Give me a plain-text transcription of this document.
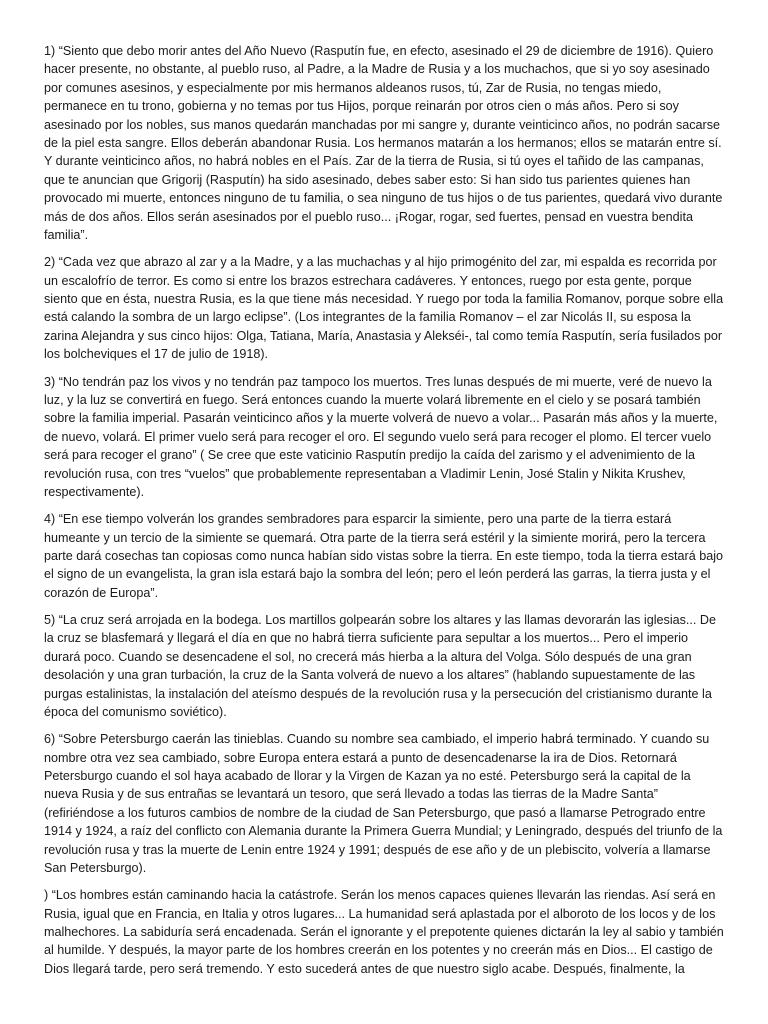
1) “Siento que debo morir antes del Año Nuevo (Rasputín fue, en efecto, asesinado el 29 de diciembre de 1916). Quiero hacer presente, no obstante, al pueblo ruso, al Padre, a la Madre de Rusia y a los muchachos, que si yo soy asesinado por comunes asesinos, y especialmente por mis hermanos aldeanos rusos, tú, Zar de Rusia, no tengas miedo, permanece en tu trono, gobierna y no temas por tus Hijos, porque reinarán por otros cien o más años. Pero si soy asesinado por los nobles, sus manos quedarán manchadas por mi sangre y, durante veinticinco años, no podrán sacarse de la piel esta sangre. Ellos deberán abandonar Rusia. Los hermanos matarán a los hermanos; ellos se matarán entre sí. Y durante veinticinco años, no habrá nobles en el País. Zar de la tierra de Rusia, si tú oyes el tañido de las campanas, que te anuncian que Grigorij (Rasputín) ha sido asesinado, debes saber esto: Si han sido tus parientes quienes han provocado mi muerte, entonces ninguno de tu familia, o sea ninguno de tus hijos o de tus parientes, quedará vivo durante más de dos años. Ellos serán asesinados por el pueblo ruso... ¡Rogar, rogar, sed fuertes, pensad en vuestra bendita familia”.

2) “Cada vez que abrazo al zar y a la Madre, y a las muchachas y al hijo primogénito del zar, mi espalda es recorrida por un escalofrío de terror. Es como si entre los brazos estrechara cadáveres. Y entonces, ruego por esta gente, porque siento que en ésta, nuestra Rusia, es la que tiene más necesidad. Y ruego por toda la familia Romanov, porque sobre ella está calando la sombra de un largo eclipse”. (Los integrantes de la familia Romanov – el zar Nicolás II, su esposa la zarina Alejandra y sus cinco hijos: Olga, Tatiana, María, Anastasia y Alekséi-, tal como temía Rasputín, sería fusilados por los bolcheviques el 17 de julio de 1918).

3) “No tendrán paz los vivos y no tendrán paz tampoco los muertos. Tres lunas después de mi muerte, veré de nuevo la luz, y la luz se convertirá en fuego. Será entonces cuando la muerte volará libremente en el cielo y se posará también sobre la familia imperial. Pasarán veinticinco años y la muerte volverá de nuevo a volar... Pasarán más años y la muerte, de nuevo, volará. El primer vuelo será para recoger el oro. El segundo vuelo será para recoger el plomo. El tercer vuelo será para recoger el grano” ( Se cree que este vaticinio Rasputín predijo la caída del zarismo y el advenimiento de la revolución rusa, con tres “vuelos” que probablemente representaban a Vladimir Lenin, José Stalin y Nikita Krushev, respectivamente).

4) “En ese tiempo volverán los grandes sembradores para esparcir la simiente, pero una parte de la tierra estará humeante y un tercio de la simiente se quemará. Otra parte de la tierra será estéril y la simiente morirá, pero la tercera parte dará cosechas tan copiosas como nunca habían sido vistas sobre la tierra. En este tiempo, toda la tierra estará bajo el signo de un evangelista, la gran isla estará bajo la sombra del león; pero el león perderá las garras, la tierra justa y el corazón de Europa”.

5) “La cruz será arrojada en la bodega. Los martillos golpearán sobre los altares y las llamas devorarán las iglesias... De la cruz se blasfemará y llegará el día en que no habrá tierra suficiente para sepultar a los muertos... Pero el imperio durará poco. Cuando se desencadene el sol, no crecerá más hierba a la altura del Volga. Sólo después de una gran desolación y una gran turbación, la cruz de la Santa volverá de nuevo a los altares” (hablando supuestamente de las purgas estalinistas, la instalación del ateísmo después de la revolución rusa y la persecución del cristianismo durante la época del comunismo soviético).

6) “Sobre Petersburgo caerán las tinieblas. Cuando su nombre sea cambiado, el imperio habrá terminado. Y cuando su nombre otra vez sea cambiado, sobre Europa entera estará a punto de desencadenarse la ira de Dios. Retornará Petersburgo cuando el sol haya acabado de llorar y la Virgen de Kazan ya no esté. Petersburgo será la capital de la nueva Rusia y de sus entrañas se levantará un tesoro, que será llevado a todas las tierras de la Madre Santa” (refiriéndose a los futuros cambios de nombre de la ciudad de San Petersburgo, que pasó a llamarse Petrogrado entre 1914 y 1924, a raíz del conflicto con Alemania durante la Primera Guerra Mundial; y Leningrado, después del triunfo de la revolución rusa y tras la muerte de Lenin entre 1924 y 1991; después de ese año y de un plebiscito, volvería a llamarse San Petersburgo).

) “Los hombres están caminando hacia la catástrofe. Serán los menos capaces quienes llevarán las riendas. Así será en Rusia, igual que en Francia, en Italia y otros lugares... La humanidad será aplastada por el alboroto de los locos y de los malhechores. La sabiduría será encadenada. Serán el ignorante y el prepotente quienes dictarán la ley al sabio y también al humilde. Y después, la mayor parte de los hombres creerán en los potentes y no creerán más en Dios... El castigo de Dios llegará tarde, pero será tremendo. Y esto sucederá antes de que nuestro siglo acabe. Después, finalmente, la
